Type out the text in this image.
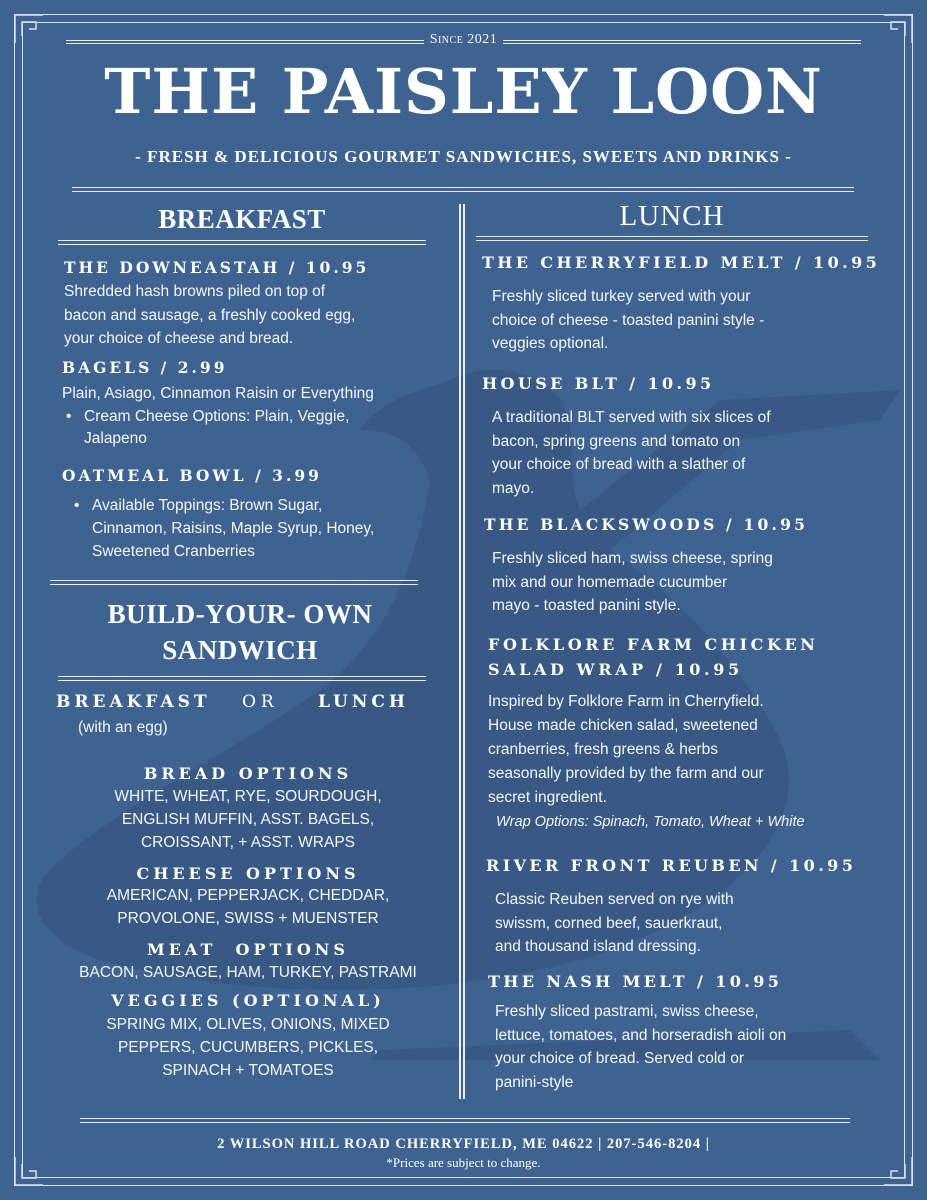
Since 2021
THE PAISLEY LOON
- FRESH & DELICIOUS GOURMET SANDWICHES, SWEETS AND DRINKS -
BREAKFAST
THE DOWNEASTAH / 10.95
Shredded hash browns piled on top of
bacon and sausage, a freshly cooked egg,
your choice of cheese and bread.
BAGELS / 2.99
Plain, Asiago, Cinnamon Raisin or Everything
• Cream Cheese Options: Plain, Veggie,
Jalapeno
OATMEAL BOWL / 3.99
• Available Toppings: Brown Sugar,
Cinnamon, Raisins, Maple Syrup, Honey,
Sweetened Cranberries
BUILD-YOUR- OWN
SANDWICH
BREAKFAST OR LUNCH
(with an egg)
BREAD OPTIONS
WHITE, WHEAT, RYE, SOURDOUGH,
ENGLISH MUFFIN, ASST. BAGELS,
CROISSANT, + ASST. WRAPS
CHEESE OPTIONS
AMERICAN, PEPPERJACK, CHEDDAR,
PROVOLONE, SWISS + MUENSTER
MEAT  OPTIONS
BACON, SAUSAGE, HAM, TURKEY, PASTRAMI
VEGGIES (OPTIONAL)
SPRING MIX, OLIVES, ONIONS, MIXED
PEPPERS, CUCUMBERS, PICKLES,
SPINACH + TOMATOES
LUNCH
THE CHERRYFIELD MELT / 10.95
Freshly sliced turkey served with your
choice of cheese - toasted panini style -
veggies optional.
HOUSE BLT / 10.95
A traditional BLT served with six slices of
bacon, spring greens and tomato on
your choice of bread with a slather of
mayo.
THE BLACKSWOODS / 10.95
Freshly sliced ham, swiss cheese, spring
mix and our homemade cucumber
mayo - toasted panini style.
FOLKLORE FARM CHICKEN
SALAD WRAP / 10.95
Inspired by Folklore Farm in Cherryfield.
House made chicken salad, sweetened
cranberries, fresh greens & herbs
seasonally provided by the farm and our
secret ingredient.
Wrap Options: Spinach, Tomato, Wheat + White
RIVER FRONT REUBEN / 10.95
Classic Reuben served on rye with
swissm, corned beef, sauerkraut,
and thousand island dressing.
THE NASH MELT / 10.95
Freshly sliced pastrami, swiss cheese,
lettuce, tomatoes, and horseradish aioli on
your choice of bread. Served cold or
panini-style
2 WILSON HILL ROAD CHERRYFIELD, ME 04622 | 207-546-8204 |
*Prices are subject to change.
